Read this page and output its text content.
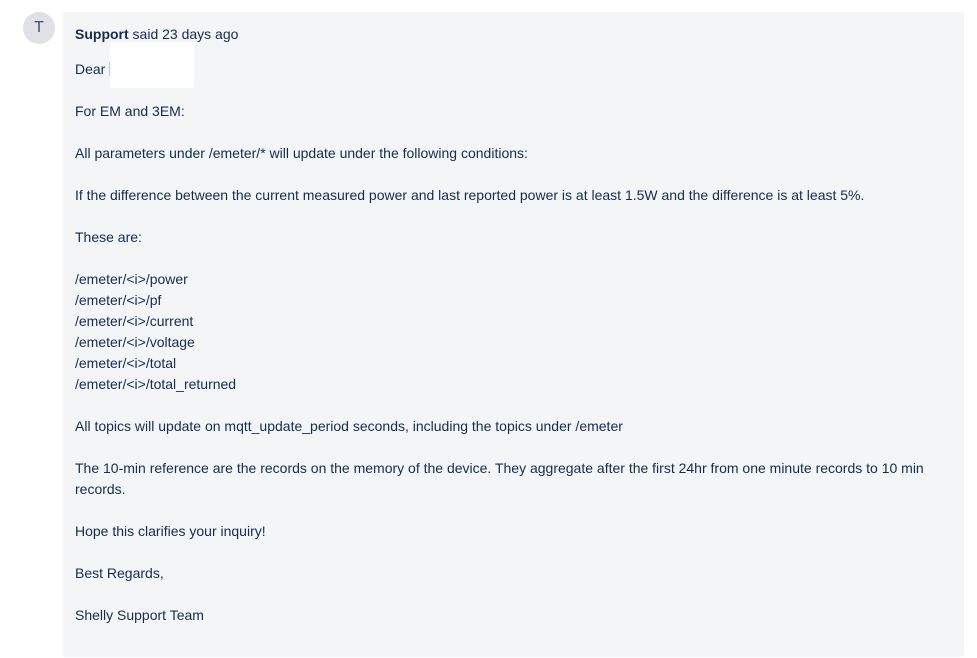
T	Support said 23 days ago
Dear

For EM and 3EM:

All parameters under /emeter/* will update under the following conditions:

If the difference between the current measured power and last reported power is at least 1.5W and the difference is at least 5%.

These are:

/emeter/<i>/power

/emeter/<i>/pf

/emeter/<i>/current

/emeter/<i>/voltage

/emeter/<i>/total

/emeter/<i>/total_returned

All topics will update on mqtt_update_period seconds, including the topics under /emeter

The 10-min reference are the records on the memory of the device. They aggregate after the first 24hr from one minute records to 10 min records.

Hope this clarifies your inquiry!

Best Regards,

Shelly Support Team
